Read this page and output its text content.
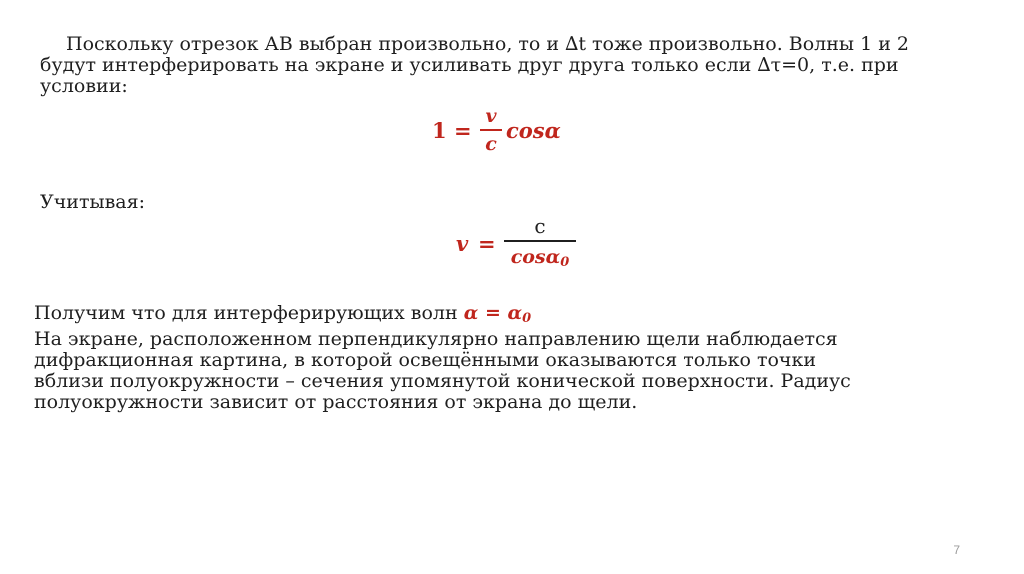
Поскольку отрезок АВ выбран произвольно, то и ∆t тоже произвольно. Волны 1 и 2
будут интерферировать на экране и усиливать друг друга только если ∆τ=0, т.е. при
условии:
1 =
v
c
cosα
Учитывая:
v =
c
cosα$_0$
Получим что для интерферирующих волн $\alpha = \alpha_0$
На экране, расположенном перпендикулярно направлению щели наблюдается
дифракционная картина, в которой освещёнными оказываются только точки
вблизи полуокружности – сечения упомянутой конической поверхности. Радиус
полуокружности зависит от расстояния от экрана до щели.
7
